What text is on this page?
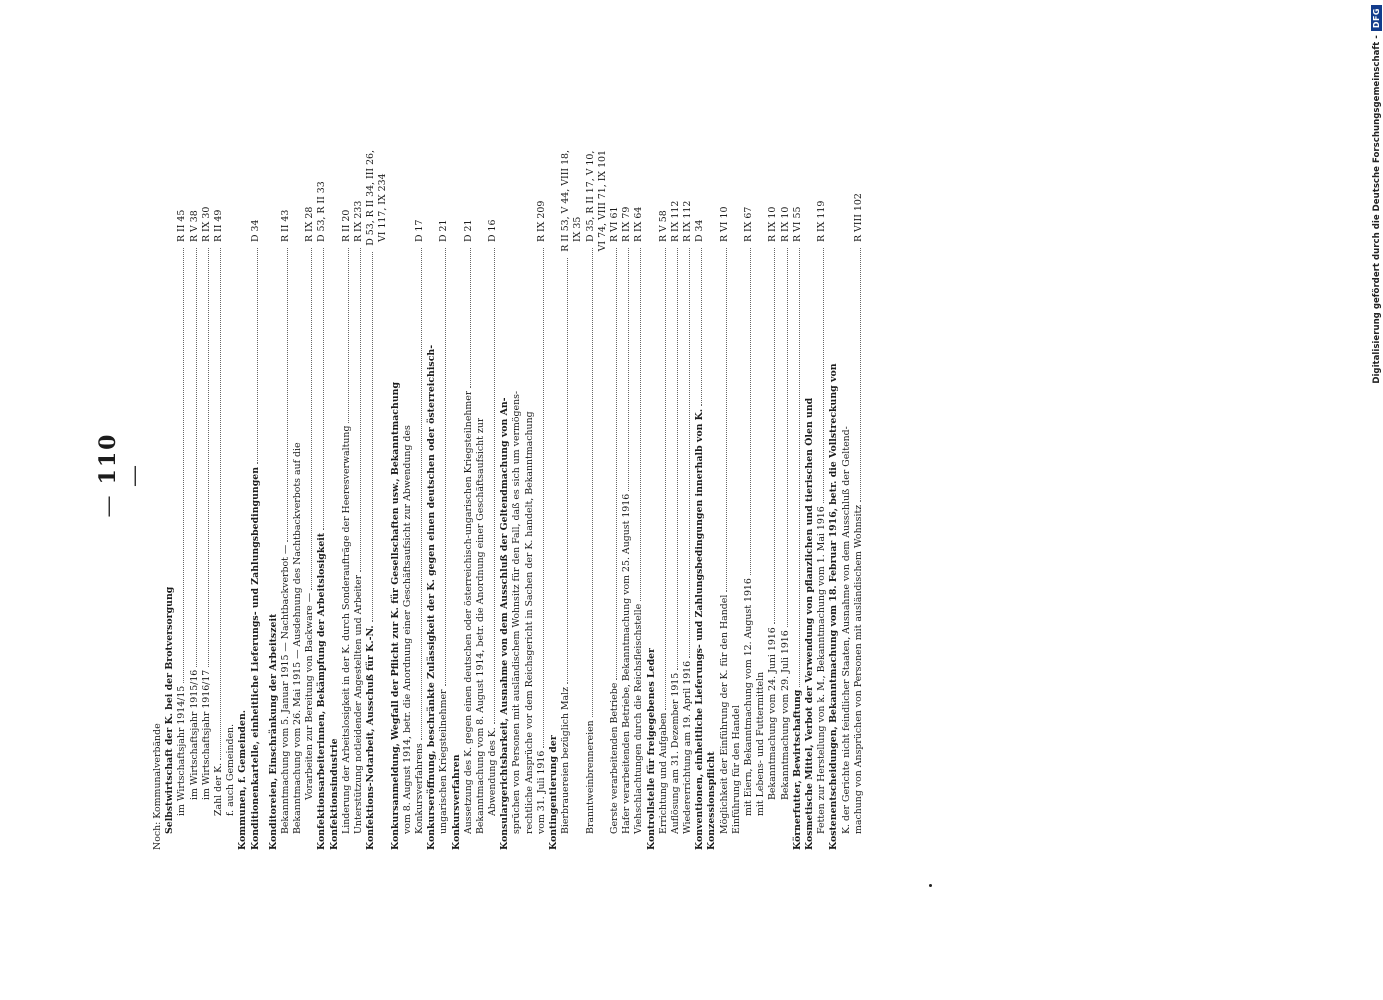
— 110 —
Noch: Kommunalverbände Selbstwirtschaft der K. bei der Brotversorgung im Wirtschaftsjahr 1914/15
R II 45
im Wirtschaftsjahr 1915/16
R V 38
im Wirtschaftsjahr 1916/17
R IX 30
Zahl der K.
R II 49
f. auch Gemeinden. Kommunen, f. Gemeinden. Konditionenkartelle, einheitliche Lieferungs- und Zahlungsbedingungen
D 34
Konditoreien, Einschränkung der Arbeitszeit Bekanntmachung vom 5. Januar 1915 — Nachtbackverbot —
R II 43
Bekanntmachung vom 26. Mai 1915 — Ausdehnung des Nachtbackverbots auf die Vorarbeiten zur Bereitung von Backware —
R IX 28
Konfektionsarbeiterinnen, Bekämpfung der Arbeitslosigkeit
D 53, R II 33
Konfektionsindustrie Linderung der Arbeitslosigkeit in der K. durch Sonderaufträge der Heeresverwaltung
R II 20
Unterstützung notleidender Angestellten und Arbeiter
R IX 233
Konfektions-Notarbeit, Ausschuß für K.-N.
D 53, R II 34, III 26, VI 117, IX 234
Konkursanmeldung, Wegfall der Pflicht zur K. für Gesellschaften usw., Bekanntmachung vom 8. August 1914, betr. die Anordnung einer Geschäftsaufsicht zur Abwendung des Konkursverfahrens
D 17
Konkurseröffnung, beschränkte Zulässigkeit der K. gegen einen deutschen oder österreichisch- ungarischen Kriegsteilnehmer
D 21
Konkursverfahren Aussetzung des K. gegen einen deutschen oder österreichisch-ungarischen Kriegsteilnehmer
D 21
Bekanntmachung vom 8. August 1914, betr. die Anordnung einer Geschäftsaufsicht zur Abwendung des K.
D 16
Konsulargerichtsbarkeit, Ausnahme von dem Ausschluß der Geltendmachung von An- sprüchen von Personen mit ausländischem Wohnsitz für den Fall, daß es sich um vermögens- rechtliche Ansprüche vor dem Reichsgericht in Sachen der K. handelt, Bekanntmachung vom 31. Juli 1916
R IX 209
Kontingentierung der Bierbrauereien bezüglich Malz
R II 53, V 44, VIII 18, IX 35
Branntweinbrennereien
D 35, R II 17, V 10, VI 74, VIII 71, IX 101
Gerste verarbeitenden Betriebe
R VI 61
Hafer verarbeitenden Betriebe, Bekanntmachung vom 25. August 1916
R IX 79
Viehschlachtungen durch die Reichsfleischstelle
R IX 64
Kontrollstelle für freigegebenes Leder Errichtung und Aufgaben
R V 58
Auflösung am 31. Dezember 1915
R IX 112
Wiedererrichtung am 19. April 1916
R IX 112
Konventionen, einheitliche Lieferungs- und Zahlungsbedingungen innerhalb von K.
D 34
Konzessionspflicht Möglichkeit der Einführung der K. für den Handel
R VI 10
Einführung für den Handel mit Eiern, Bekanntmachung vom 12. August 1916
R IX 67
mit Lebens- und Futtermitteln Bekanntmachung vom 24. Juni 1916
R IX 10
Bekanntmachung vom 29. Juli 1916
R IX 10
Körnerfutter, Bewirtschaftung
R VI 55
Kosmetische Mittel, Verbot der Verwendung von pflanzlichen und tierischen Ölen und Fetten zur Herstellung von k. M., Bekanntmachung vom 1. Mai 1916
R IX 119
Kostenentscheidungen, Bekanntmachung vom 18. Februar 1916, betr. die Vollstreckung von K. der Gerichte nicht feindlicher Staaten, Ausnahme von dem Ausschluß der Geltend- machung von Ansprüchen von Personen mit ausländischem Wohnsitz
R VIII 102	Digitalisierung gefördert durch die Deutsche Forschungsgemeinschaft -
DFG
